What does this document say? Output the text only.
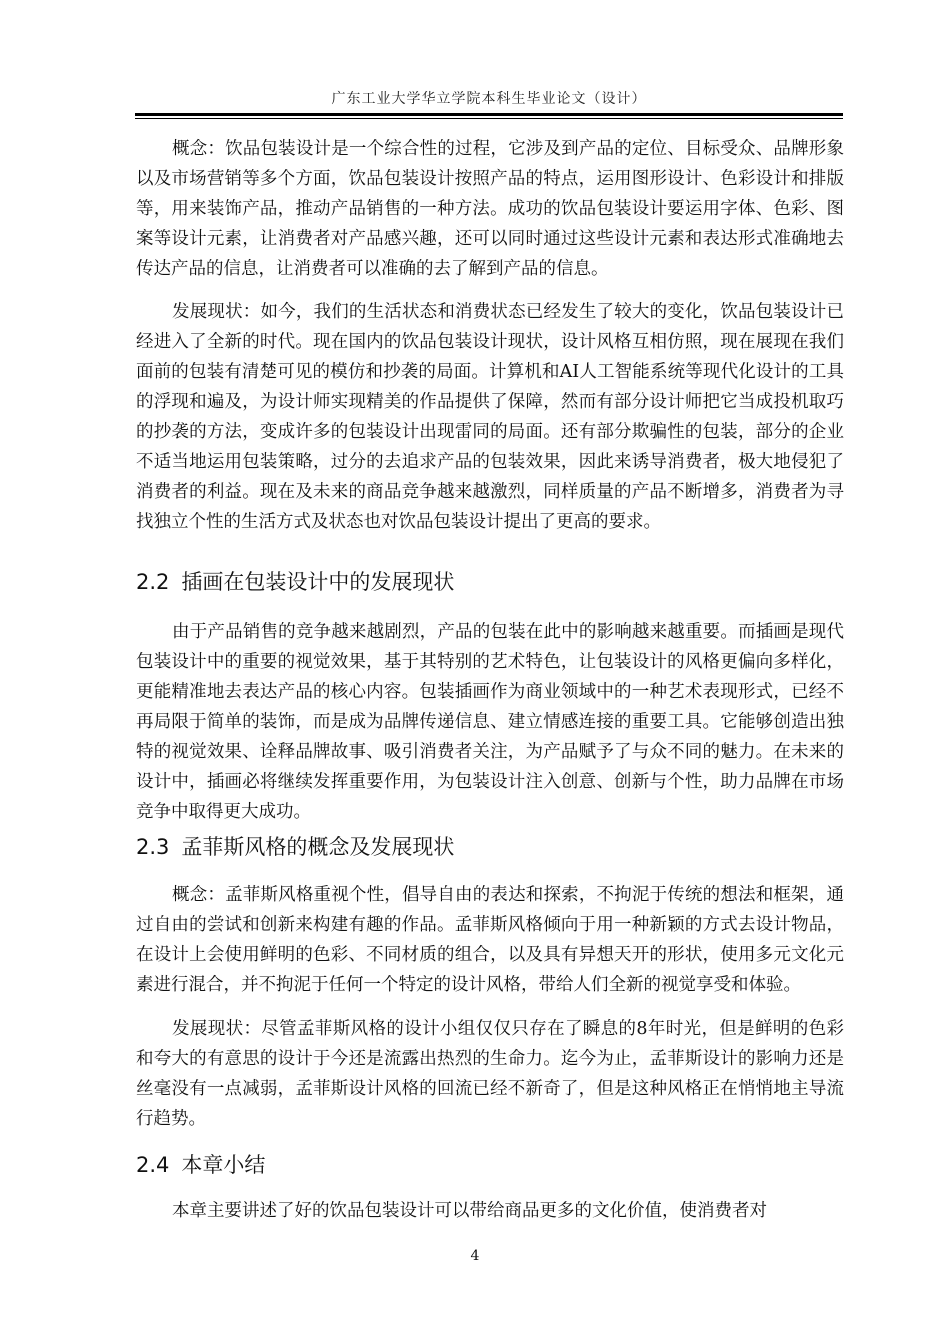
广东工业大学华立学院本科生毕业论文（设计）

概念：饮品包装设计是一个综合性的过程，它涉及到产品的定位、目标受众、品牌形象以及市场营销等多个方面，饮品包装设计按照产品的特点，运用图形设计、色彩设计和排版等，用来装饰产品，推动产品销售的一种方法。成功的饮品包装设计要运用字体、色彩、图案等设计元素，让消费者对产品感兴趣，还可以同时通过这些设计元素和表达形式准确地去传达产品的信息，让消费者可以准确的去了解到产品的信息。

发展现状：如今，我们的生活状态和消费状态已经发生了较大的变化，饮品包装设计已经进入了全新的时代。现在国内的饮品包装设计现状，设计风格互相仿照，现在展现在我们面前的包装有清楚可见的模仿和抄袭的局面。计算机和AI人工智能系统等现代化设计的工具的浮现和遍及，为设计师实现精美的作品提供了保障，然而有部分设计师把它当成投机取巧的抄袭的方法，变成许多的包装设计出现雷同的局面。还有部分欺骗性的包装，部分的企业不适当地运用包装策略，过分的去追求产品的包装效果，因此来诱导消费者，极大地侵犯了消费者的利益。现在及未来的商品竞争越来越激烈，同样质量的产品不断增多，消费者为寻找独立个性的生活方式及状态也对饮品包装设计提出了更高的要求。

2.2 插画在包装设计中的发展现状

由于产品销售的竞争越来越剧烈，产品的包装在此中的影响越来越重要。而插画是现代包装设计中的重要的视觉效果，基于其特别的艺术特色，让包装设计的风格更偏向多样化，更能精准地去表达产品的核心内容。包装插画作为商业领域中的一种艺术表现形式，已经不再局限于简单的装饰，而是成为品牌传递信息、建立情感连接的重要工具。它能够创造出独特的视觉效果、诠释品牌故事、吸引消费者关注，为产品赋予了与众不同的魅力。在未来的设计中，插画必将继续发挥重要作用，为包装设计注入创意、创新与个性，助力品牌在市场竞争中取得更大成功。

2.3 孟菲斯风格的概念及发展现状

概念：孟菲斯风格重视个性，倡导自由的表达和探索，不拘泥于传统的想法和框架，通过自由的尝试和创新来构建有趣的作品。孟菲斯风格倾向于用一种新颖的方式去设计物品，在设计上会使用鲜明的色彩、不同材质的组合，以及具有异想天开的形状，使用多元文化元素进行混合，并不拘泥于任何一个特定的设计风格，带给人们全新的视觉享受和体验。

发展现状：尽管孟菲斯风格的设计小组仅仅只存在了瞬息的8年时光，但是鲜明的色彩和夸大的有意思的设计于今还是流露出热烈的生命力。迄今为止，孟菲斯设计的影响力还是丝毫没有一点减弱，孟菲斯设计风格的回流已经不新奇了，但是这种风格正在悄悄地主导流行趋势。

2.4 本章小结

本章主要讲述了好的饮品包装设计可以带给商品更多的文化价值，使消费者对

4
